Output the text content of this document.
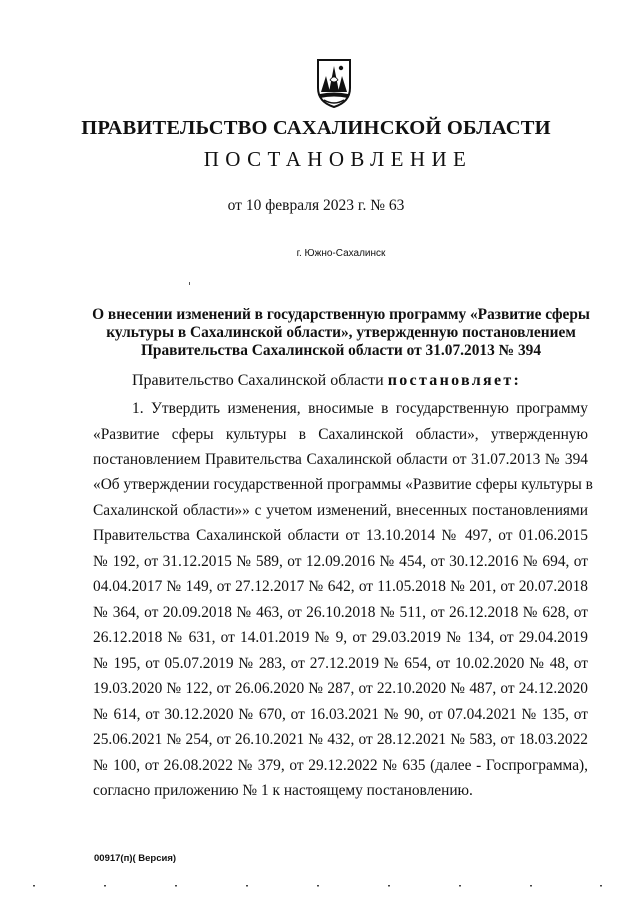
ПРАВИТЕЛЬСТВО САХАЛИНСКОЙ ОБЛАСТИ
ПОСТАНОВЛЕНИЕ
от 10 февраля 2023 г. № 63
г. Южно-Сахалинск
О внесении изменений в государственную программу «Развитие сферы
культуры в Сахалинской области», утвержденную постановлением
Правительства Сахалинской области от 31.07.2013 № 394
Правительство Сахалинской области постановляет:
1. Утвердить изменения, вносимые в государственную программу
«Развитие сферы культуры в Сахалинской области», утвержденную
постановлением Правительства Сахалинской области от 31.07.2013 № 394
«Об утверждении государственной программы «Развитие сферы культуры в
Сахалинской области»» с учетом изменений, внесенных постановлениями
Правительства Сахалинской области от 13.10.2014 № 497, от 01.06.2015
№ 192, от 31.12.2015 № 589, от 12.09.2016 № 454, от 30.12.2016 № 694, от
04.04.2017 № 149, от 27.12.2017 № 642, от 11.05.2018 № 201, от 20.07.2018
№ 364, от 20.09.2018 № 463, от 26.10.2018 № 511, от 26.12.2018 № 628, от
26.12.2018 № 631, от 14.01.2019 № 9, от 29.03.2019 № 134, от 29.04.2019
№ 195, от 05.07.2019 № 283, от 27.12.2019 № 654, от 10.02.2020 № 48, от
19.03.2020 № 122, от 26.06.2020 № 287, от 22.10.2020 № 487, от 24.12.2020
№ 614, от 30.12.2020 № 670, от 16.03.2021 № 90, от 07.04.2021 № 135, от
25.06.2021 № 254, от 26.10.2021 № 432, от 28.12.2021 № 583, от 18.03.2022
№ 100, от 26.08.2022 № 379, от 29.12.2022 № 635 (далее - Госпрограмма),
согласно приложению № 1 к настоящему постановлению.
00917(п)( Версия)
